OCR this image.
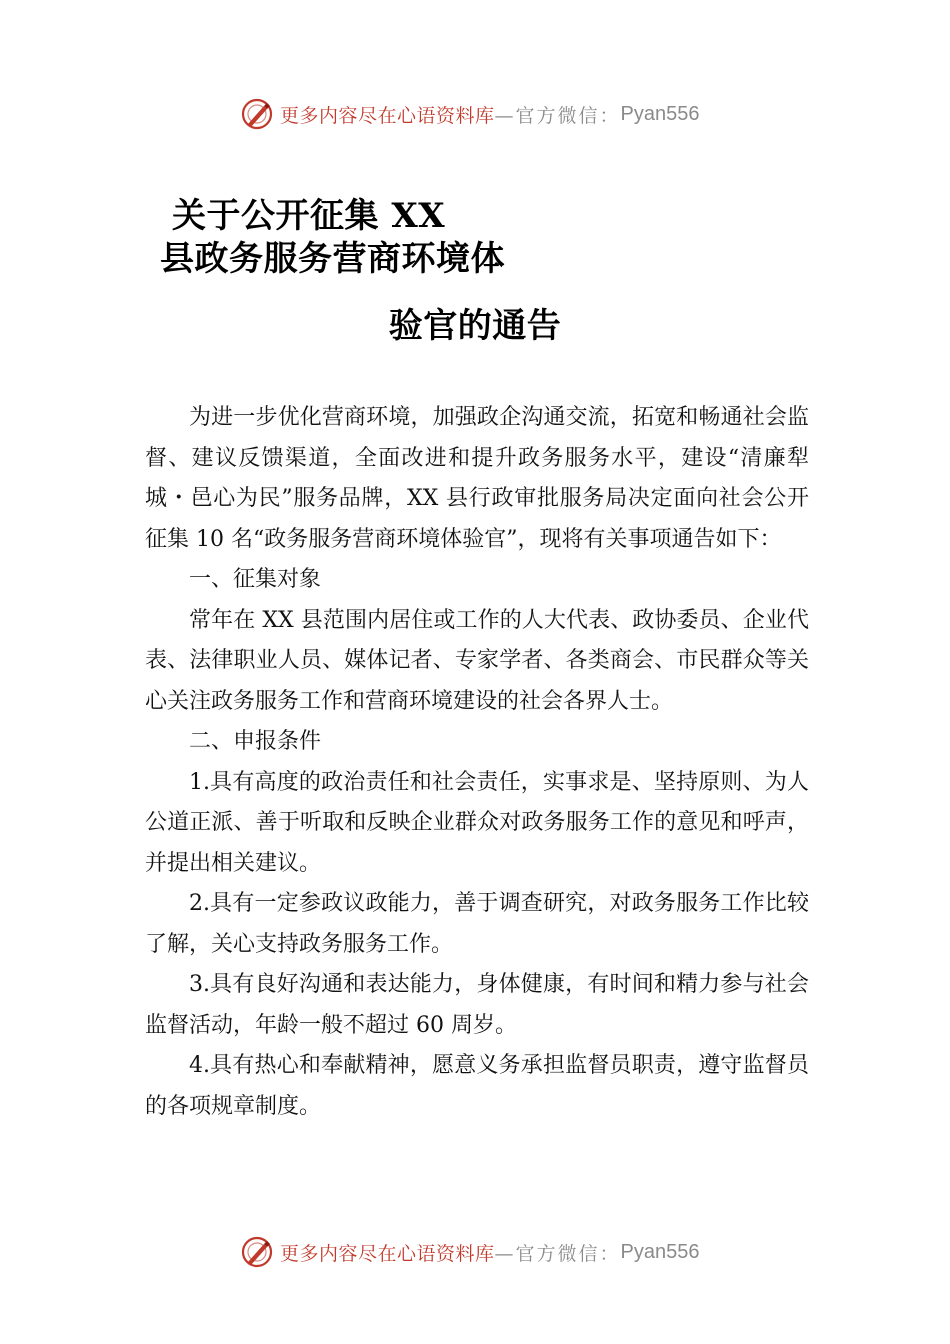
更多内容尽在心语资料库 —官方微信： Pyan556
关于公开征集 XX
县政务服务营商环境体
验官的通告

为进一步优化营商环境，加强政企沟通交流，拓宽和畅通社会监督、建议反馈渠道，全面改进和提升政务服务水平，建设“清廉犁城・邑心为民”服务品牌，XX 县行政审批服务局决定面向社会公开征集 10 名“政务服务营商环境体验官”，现将有关事项通告如下：

一、征集对象

常年在 XX 县范围内居住或工作的人大代表、政协委员、企业代表、法律职业人员、媒体记者、专家学者、各类商会、市民群众等关心关注政务服务工作和营商环境建设的社会各界人士。

二、申报条件

1.具有高度的政治责任和社会责任，实事求是、坚持原则、为人公道正派、善于听取和反映企业群众对政务服务工作的意见和呼声，并提出相关建议。

2.具有一定参政议政能力，善于调查研究，对政务服务工作比较了解，关心支持政务服务工作。

3.具有良好沟通和表达能力，身体健康，有时间和精力参与社会监督活动，年龄一般不超过 60 周岁。

4.具有热心和奉献精神，愿意义务承担监督员职责，遵守监督员的各项规章制度。

更多内容尽在心语资料库 —官方微信： Pyan556
